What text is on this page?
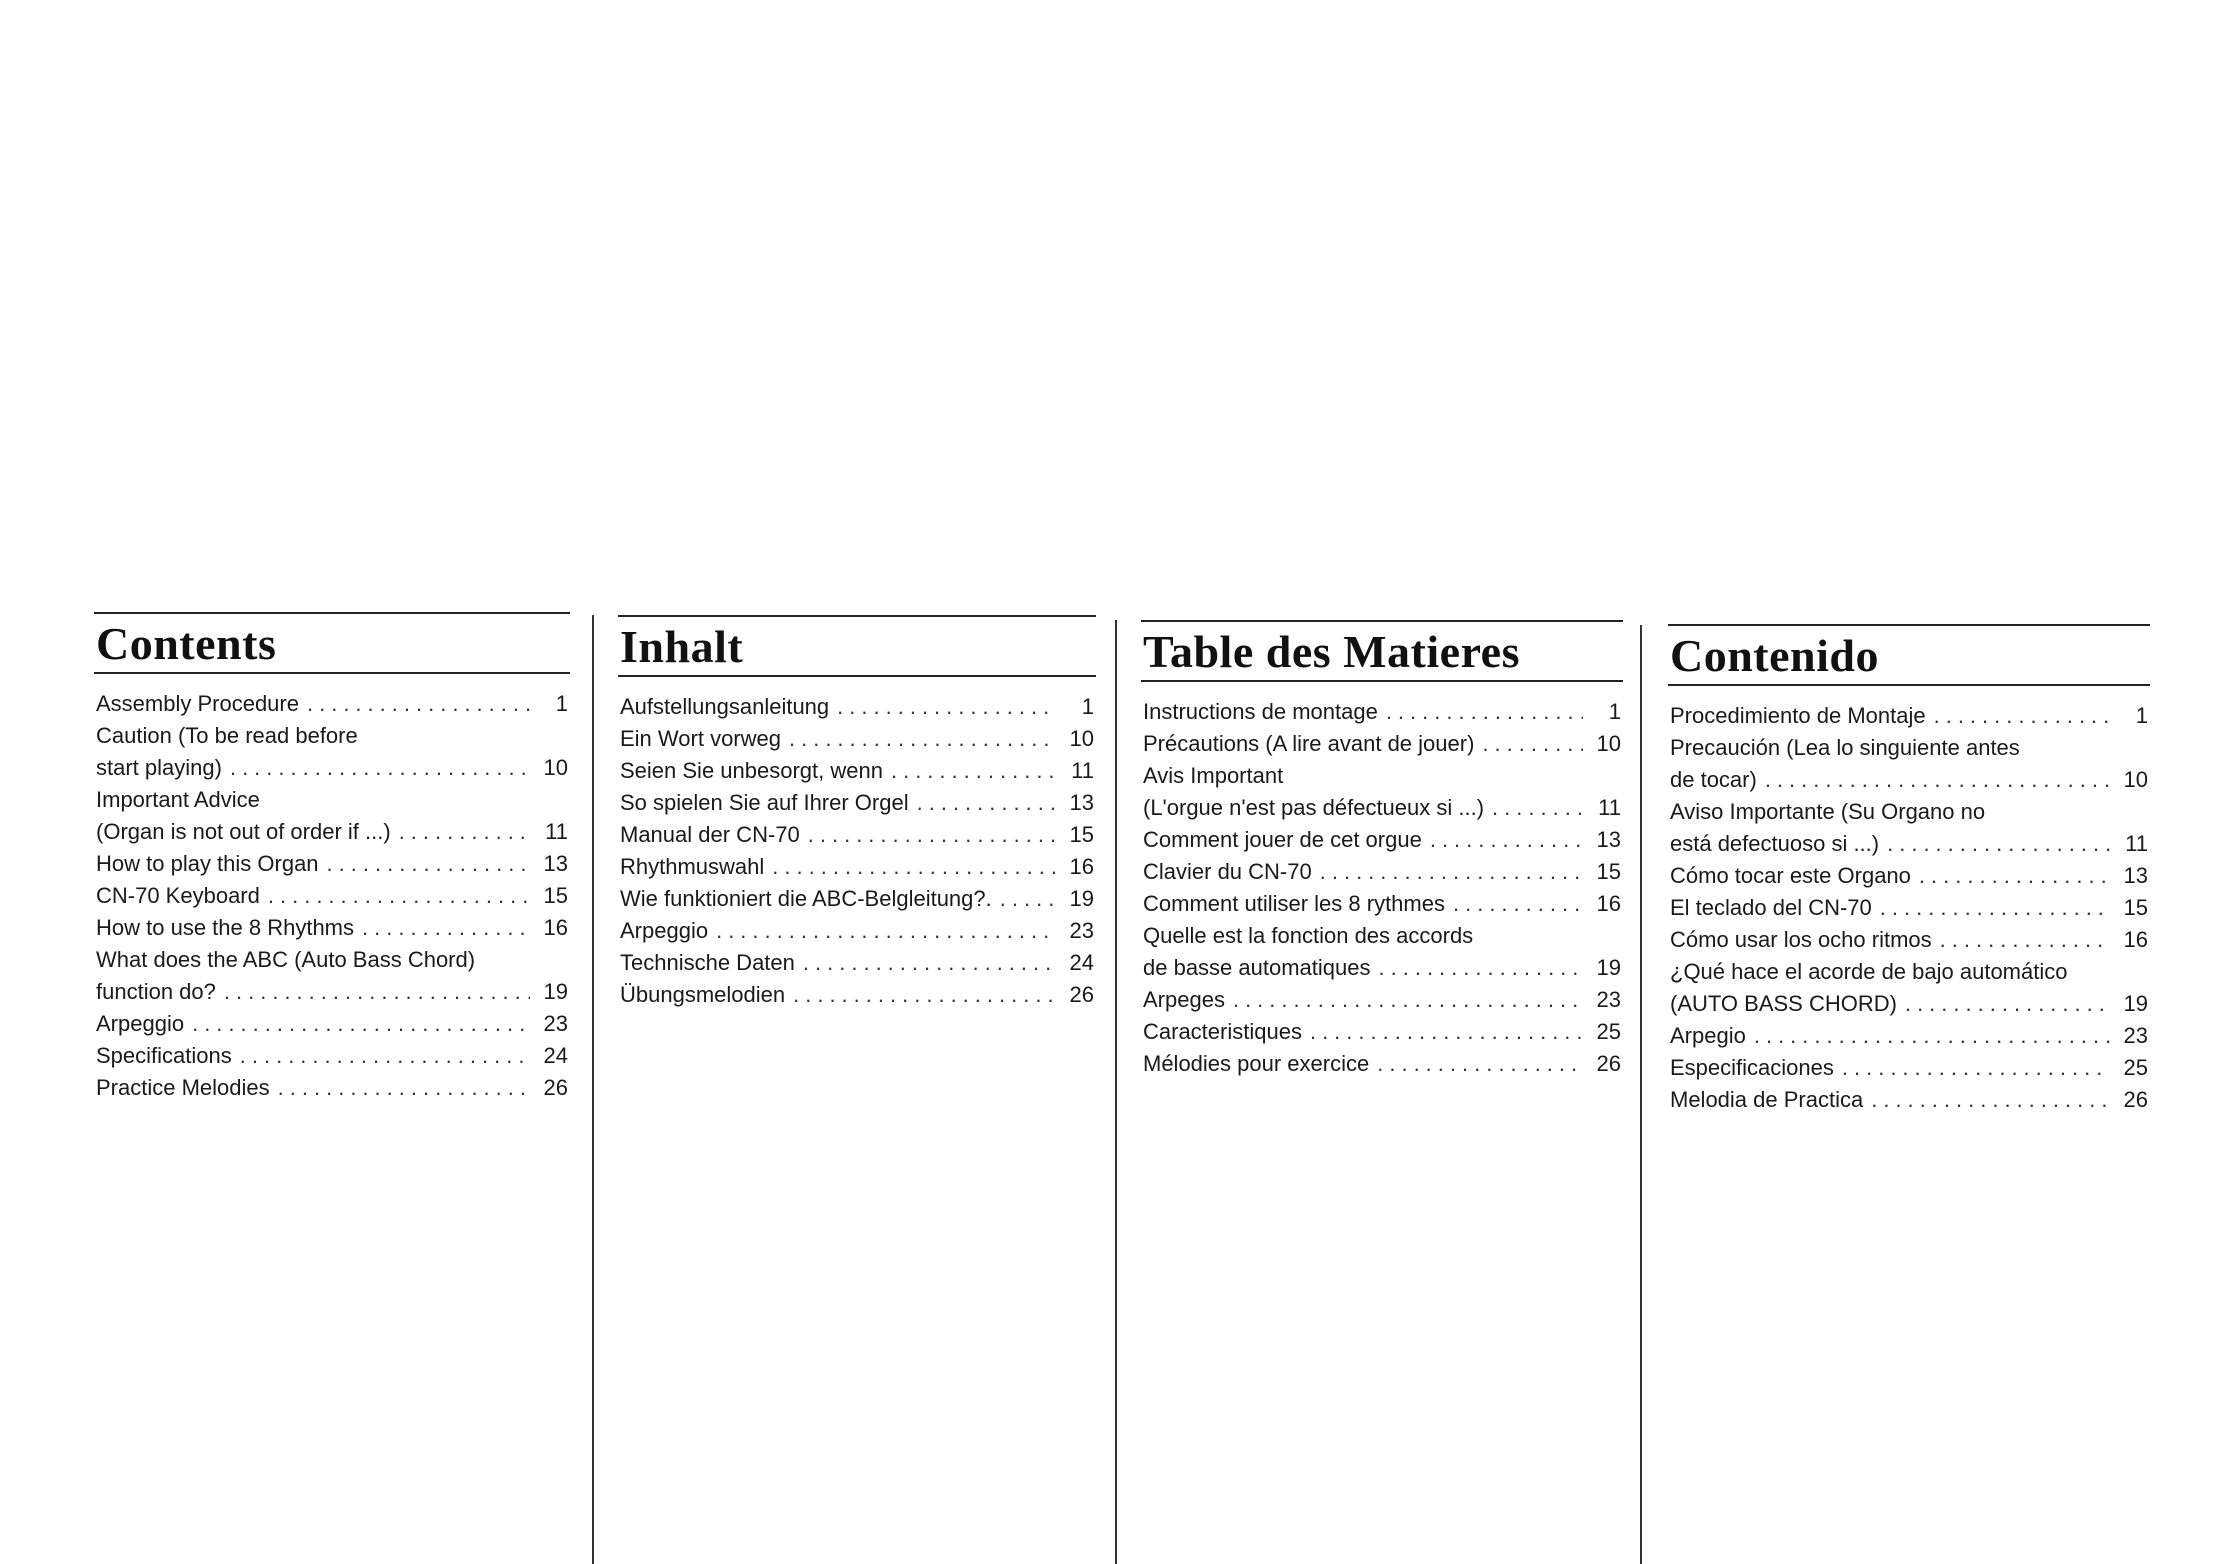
Contents
Assembly Procedure .....	1
Caution (To be read before
start playing) .....	10
Important Advice
(Organ is not out of order if ...) .....	11
How to play this Organ .....	13
CN-70 Keyboard .....	15
How to use the 8 Rhythms .....	16
What does the ABC (Auto Bass Chord)
function do? .....	19
Arpeggio .....	23
Specifications .....	24
Practice Melodies .....	26
Inhalt
Aufstellungsanleitung .....	1
Ein Wort vorweg .....	10
Seien Sie unbesorgt, wenn .....	11
So spielen Sie auf Ihrer Orgel .....	13
Manual der CN-70 .....	15
Rhythmuswahl .....	16
Wie funktioniert die ABC-Belgleitung?. .....	19
Arpeggio .....	23
Technische Daten .....	24
Übungsmelodien .....	26
Table des Matieres
Instructions de montage .....	1
Précautions (A lire avant de jouer) .....	10
Avis Important
(L'orgue n'est pas défectueux si ...) .....	11
Comment jouer de cet orgue .....	13
Clavier du CN-70 .....	15
Comment utiliser les 8 rythmes .....	16
Quelle est la fonction des accords
de basse automatiques .....	19
Arpeges .....	23
Caracteristiques .....	25
Mélodies pour exercice .....	26
Contenido
Procedimiento de Montaje .....	1
Precaución (Lea lo singuiente antes
de tocar) .....	10
Aviso Importante (Su Organo no
está defectuoso si ...) .....	11
Cómo tocar este Organo .....	13
El teclado del CN-70 .....	15
Cómo usar los ocho ritmos .....	16
¿Qué hace el acorde de bajo automático
(AUTO BASS CHORD) .....	19
Arpegio .....	23
Especificaciones .....	25
Melodia de Practica .....	26
